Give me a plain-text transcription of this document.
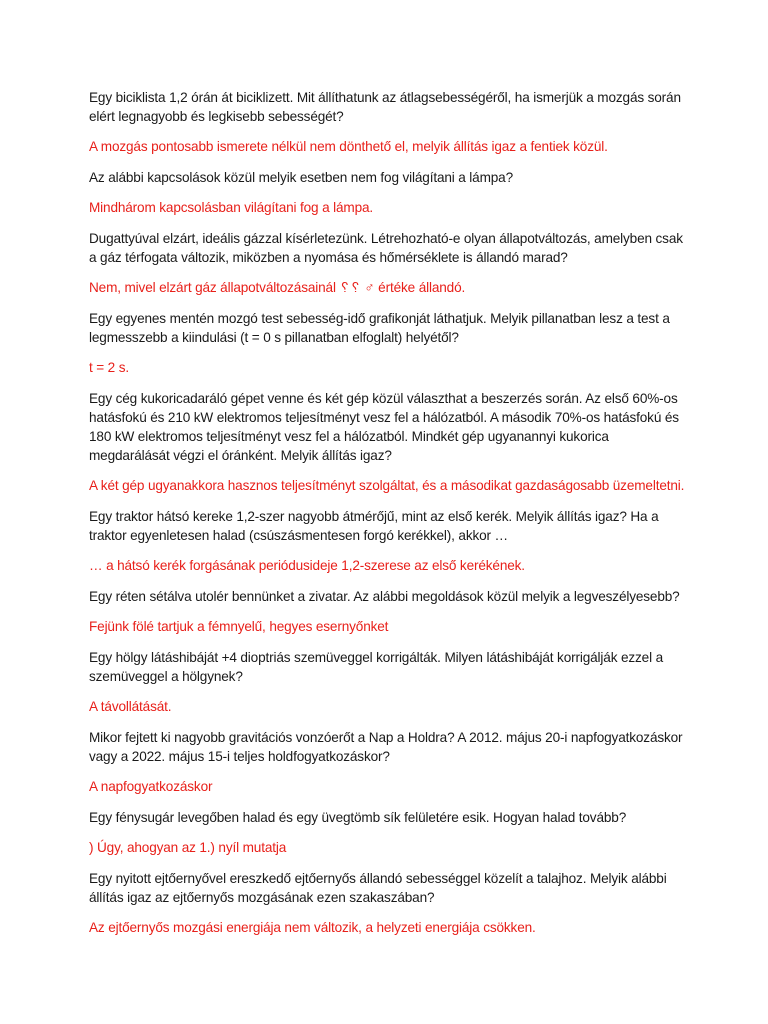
Egy biciklista 1,2 órán át biciklizett. Mit állíthatunk az átlagsebességéről, ha ismerjük a mozgás során elért legnagyobb és legkisebb sebességét?

A mozgás pontosabb ismerete nélkül nem dönthető el, melyik állítás igaz a fentiek közül.

Az alábbi kapcsolások közül melyik esetben nem fog világítani a lámpa?

Mindhárom kapcsolásban világítani fog a lámpa.

Dugattyúval elzárt, ideális gázzal kísérletezünk. Létrehozható-e olyan állapotváltozás, amelyben csak a gáz térfogata változik, miközben a nyomása és hőmérséklete is állandó marad?

Nem, mivel elzárt gáz állapotváltozásainál ␦␦ ♂ értéke állandó.

Egy egyenes mentén mozgó test sebesség-idő grafikonját láthatjuk. Melyik pillanatban lesz a test a legmesszebb a kiindulási (t = 0 s pillanatban elfoglalt) helyétől?

t = 2 s.

Egy cég kukoricadaráló gépet venne és két gép közül választhat a beszerzés során. Az első 60%-os hatásfokú és 210 kW elektromos teljesítményt vesz fel a hálózatból. A második 70%-os hatásfokú és 180 kW elektromos teljesítményt vesz fel a hálózatból. Mindkét gép ugyanannyi kukorica megdarálását végzi el óránként. Melyik állítás igaz?

A két gép ugyanakkora hasznos teljesítményt szolgáltat, és a másodikat gazdaságosabb üzemeltetni.

Egy traktor hátsó kereke 1,2-szer nagyobb átmérőjű, mint az első kerék. Melyik állítás igaz? Ha a traktor egyenletesen halad (csúszásmentesen forgó kerékkel), akkor …

… a hátsó kerék forgásának periódusideje 1,2-szerese az első kerékének.

Egy réten sétálva utolér bennünket a zivatar. Az alábbi megoldások közül melyik a legveszélyesebb?

Fejünk fölé tartjuk a fémnyelű, hegyes esernyőnket

Egy hölgy látáshibáját +4 dioptriás szemüveggel korrigálták. Milyen látáshibáját korrigálják ezzel a szemüveggel a hölgynek?

A távollátását.

Mikor fejtett ki nagyobb gravitációs vonzóerőt a Nap a Holdra? A 2012. május 20-i napfogyatkozáskor vagy a 2022. május 15-i teljes holdfogyatkozáskor?

A napfogyatkozáskor

Egy fénysugár levegőben halad és egy üvegtömb sík felületére esik. Hogyan halad tovább?

) Úgy, ahogyan az 1.) nyíl mutatja

Egy nyitott ejtőernyővel ereszkedő ejtőernyős állandó sebességgel közelít a talajhoz. Melyik alábbi állítás igaz az ejtőernyős mozgásának ezen szakaszában?

Az ejtőernyős mozgási energiája nem változik, a helyzeti energiája csökken.
